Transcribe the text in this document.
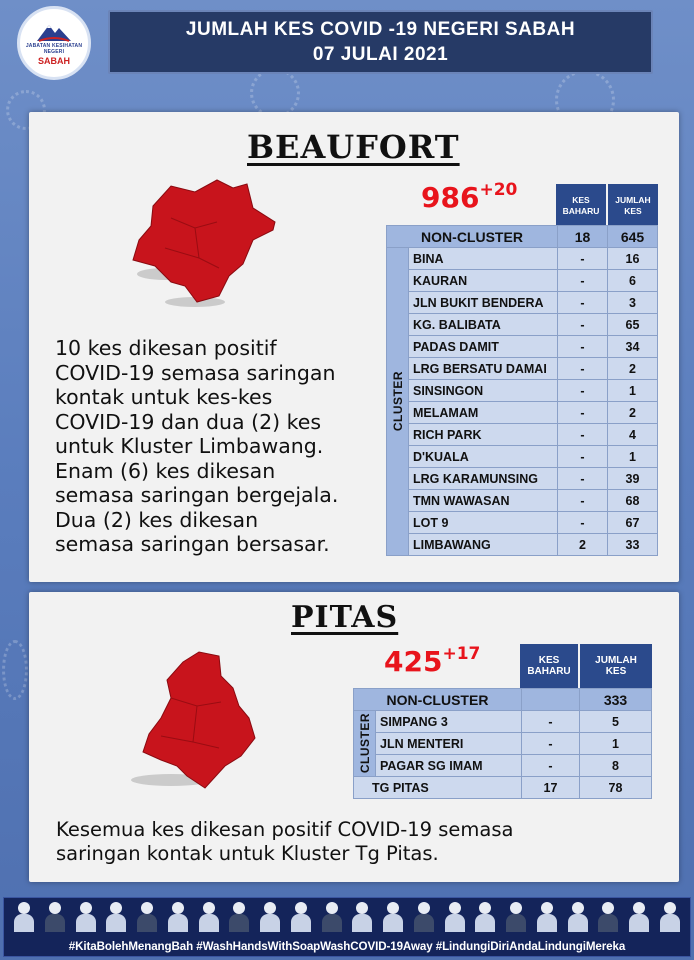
JABATAN KESIHATAN NEGERI
SABAH
JUMLAH KES COVID -19 NEGERI SABAH
07 JULAI 2021
BEAUFORT
$986^{+20}$	KES
BAHARU
JUMLAH
KES
NON-CLUSTER		18	645

CLUSTER	BINA	-	16
	KAURAN	-	6
	JLN BUKIT BENDERA	-	3
	KG. BALIBATA	-	65
	PADAS DAMIT	-	34
	LRG BERSATU DAMAI	-	2
	SINSINGON	-	1
	MELAMAM	-	2
	RICH PARK	-	4
	D'KUALA	-	1
	LRG KARAMUNSING	-	39
	TMN WAWASAN	-	68
	LOT 9	-	67
	LIMBAWANG	2	33
10 kes dikesan positif
COVID-19 semasa saringan
kontak untuk kes-kes
COVID-19 dan dua (2) kes
untuk Kluster Limbawang.
Enam (6) kes dikesan
semasa saringan bergejala.
Dua (2) kes dikesan
semasa saringan bersasar.
PITAS
$425^{+17}$	KES
BAHARU
JUMLAH
KES
NON-CLUSTER			333

CLUSTER	SIMPANG 3	-	5
	JLN MENTERI	-	1
	PAGAR SG IMAM	-	8
TG PITAS		17	78
Kesemua kes dikesan positif COVID-19 semasa
saringan kontak untuk Kluster Tg Pitas.
#KitaBolehMenangBah #WashHandsWithSoapWashCOVID-19Away #LindungiDiriAndaLindungiMereka
